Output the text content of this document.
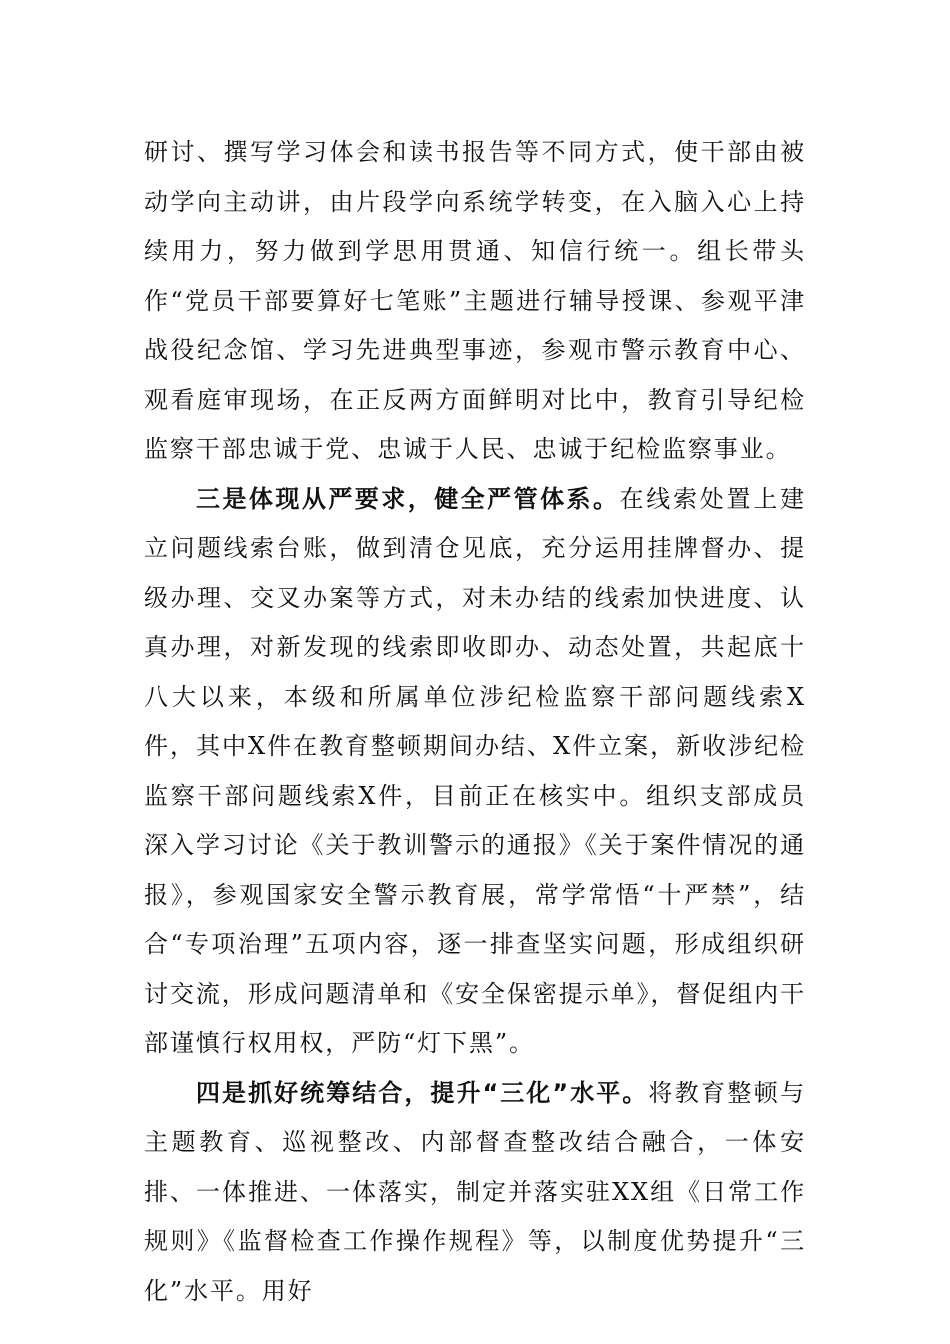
研讨、撰写学习体会和读书报告等不同方式，使干部由被动学向主动讲，由片段学向系统学转变，在入脑入心上持续用力，努力做到学思用贯通、知信行统一。组长带头作“党员干部要算好七笔账”主题进行辅导授课、参观平津战役纪念馆、学习先进典型事迹，参观市警示教育中心、观看庭审现场，在正反两方面鲜明对比中，教育引导纪检监察干部忠诚于党、忠诚于人民、忠诚于纪检监察事业。

三是体现从严要求，健全严管体系。在线索处置上建立问题线索台账，做到清仓见底，充分运用挂牌督办、提级办理、交叉办案等方式，对未办结的线索加快进度、认真办理，对新发现的线索即收即办、动态处置，共起底十八大以来，本级和所属单位涉纪检监察干部问题线索X件，其中X件在教育整顿期间办结、X件立案，新收涉纪检监察干部问题线索X件，目前正在核实中。组织支部成员深入学习讨论《关于教训警示的通报》《关于案件情况的通报》，参观国家安全警示教育展，常学常悟“十严禁”，结合“专项治理”五项内容，逐一排查坚实问题，形成组织研讨交流，形成问题清单和《安全保密提示单》，督促组内干部谨慎行权用权，严防“灯下黑”。

四是抓好统筹结合，提升“三化”水平。将教育整顿与主题教育、巡视整改、内部督查整改结合融合，一体安排、一体推进、一体落实，制定并落实驻XX组《日常工作规则》《监督检查工作操作规程》等，以制度优势提升“三化”水平。用好
